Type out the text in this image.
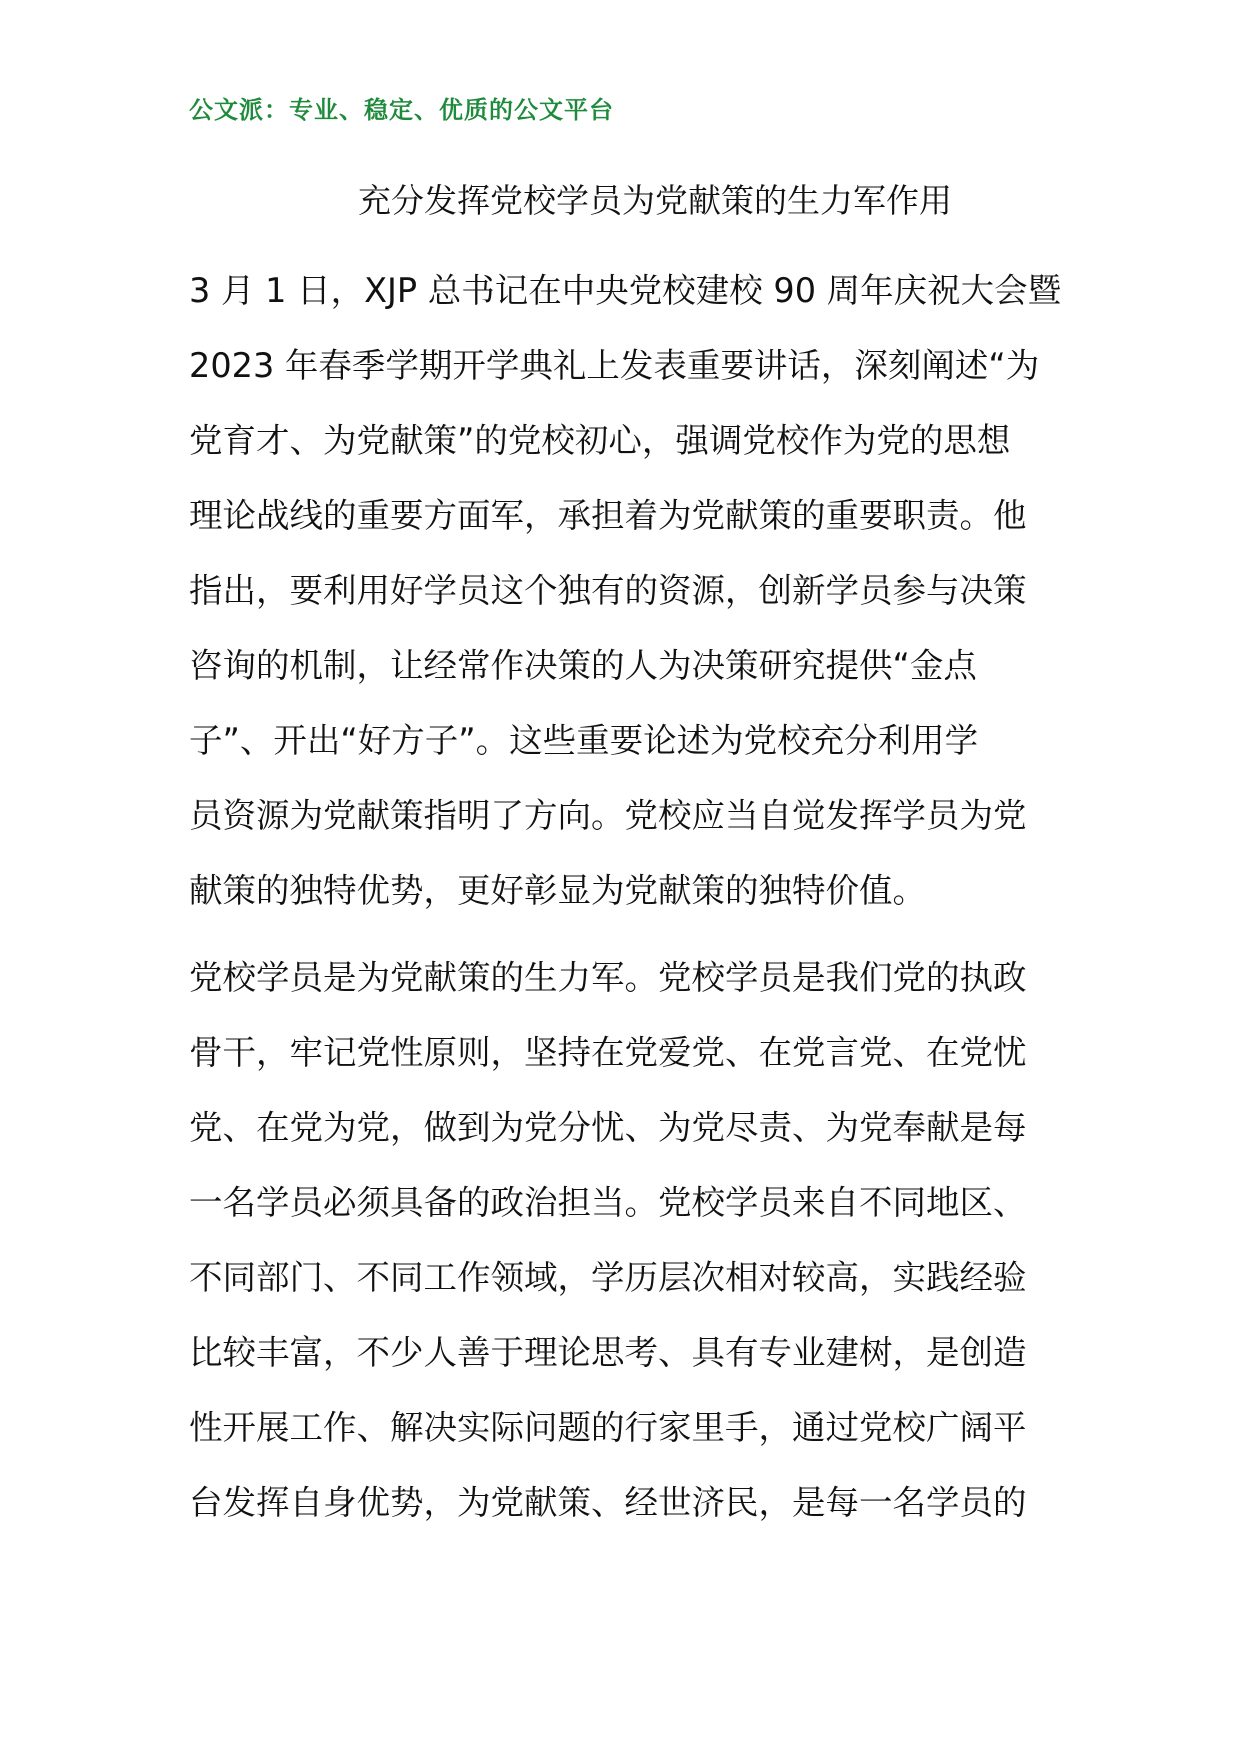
公文派：专业、稳定、优质的公文平台
充分发挥党校学员为党献策的生力军作用
3 月 1 日，XJP 总书记在中央党校建校 90 周年庆祝大会暨
2023 年春季学期开学典礼上发表重要讲话，深刻阐述“为
党育才、为党献策”的党校初心，强调党校作为党的思想
理论战线的重要方面军，承担着为党献策的重要职责。他
指出，要利用好学员这个独有的资源，创新学员参与决策
咨询的机制，让经常作决策的人为决策研究提供“金点
子”、开出“好方子”。这些重要论述为党校充分利用学
员资源为党献策指明了方向。党校应当自觉发挥学员为党
献策的独特优势，更好彰显为党献策的独特价值。
党校学员是为党献策的生力军。党校学员是我们党的执政
骨干，牢记党性原则，坚持在党爱党、在党言党、在党忧
党、在党为党，做到为党分忧、为党尽责、为党奉献是每
一名学员必须具备的政治担当。党校学员来自不同地区、
不同部门、不同工作领域，学历层次相对较高，实践经验
比较丰富，不少人善于理论思考、具有专业建树，是创造
性开展工作、解决实际问题的行家里手，通过党校广阔平
台发挥自身优势，为党献策、经世济民，是每一名学员的
